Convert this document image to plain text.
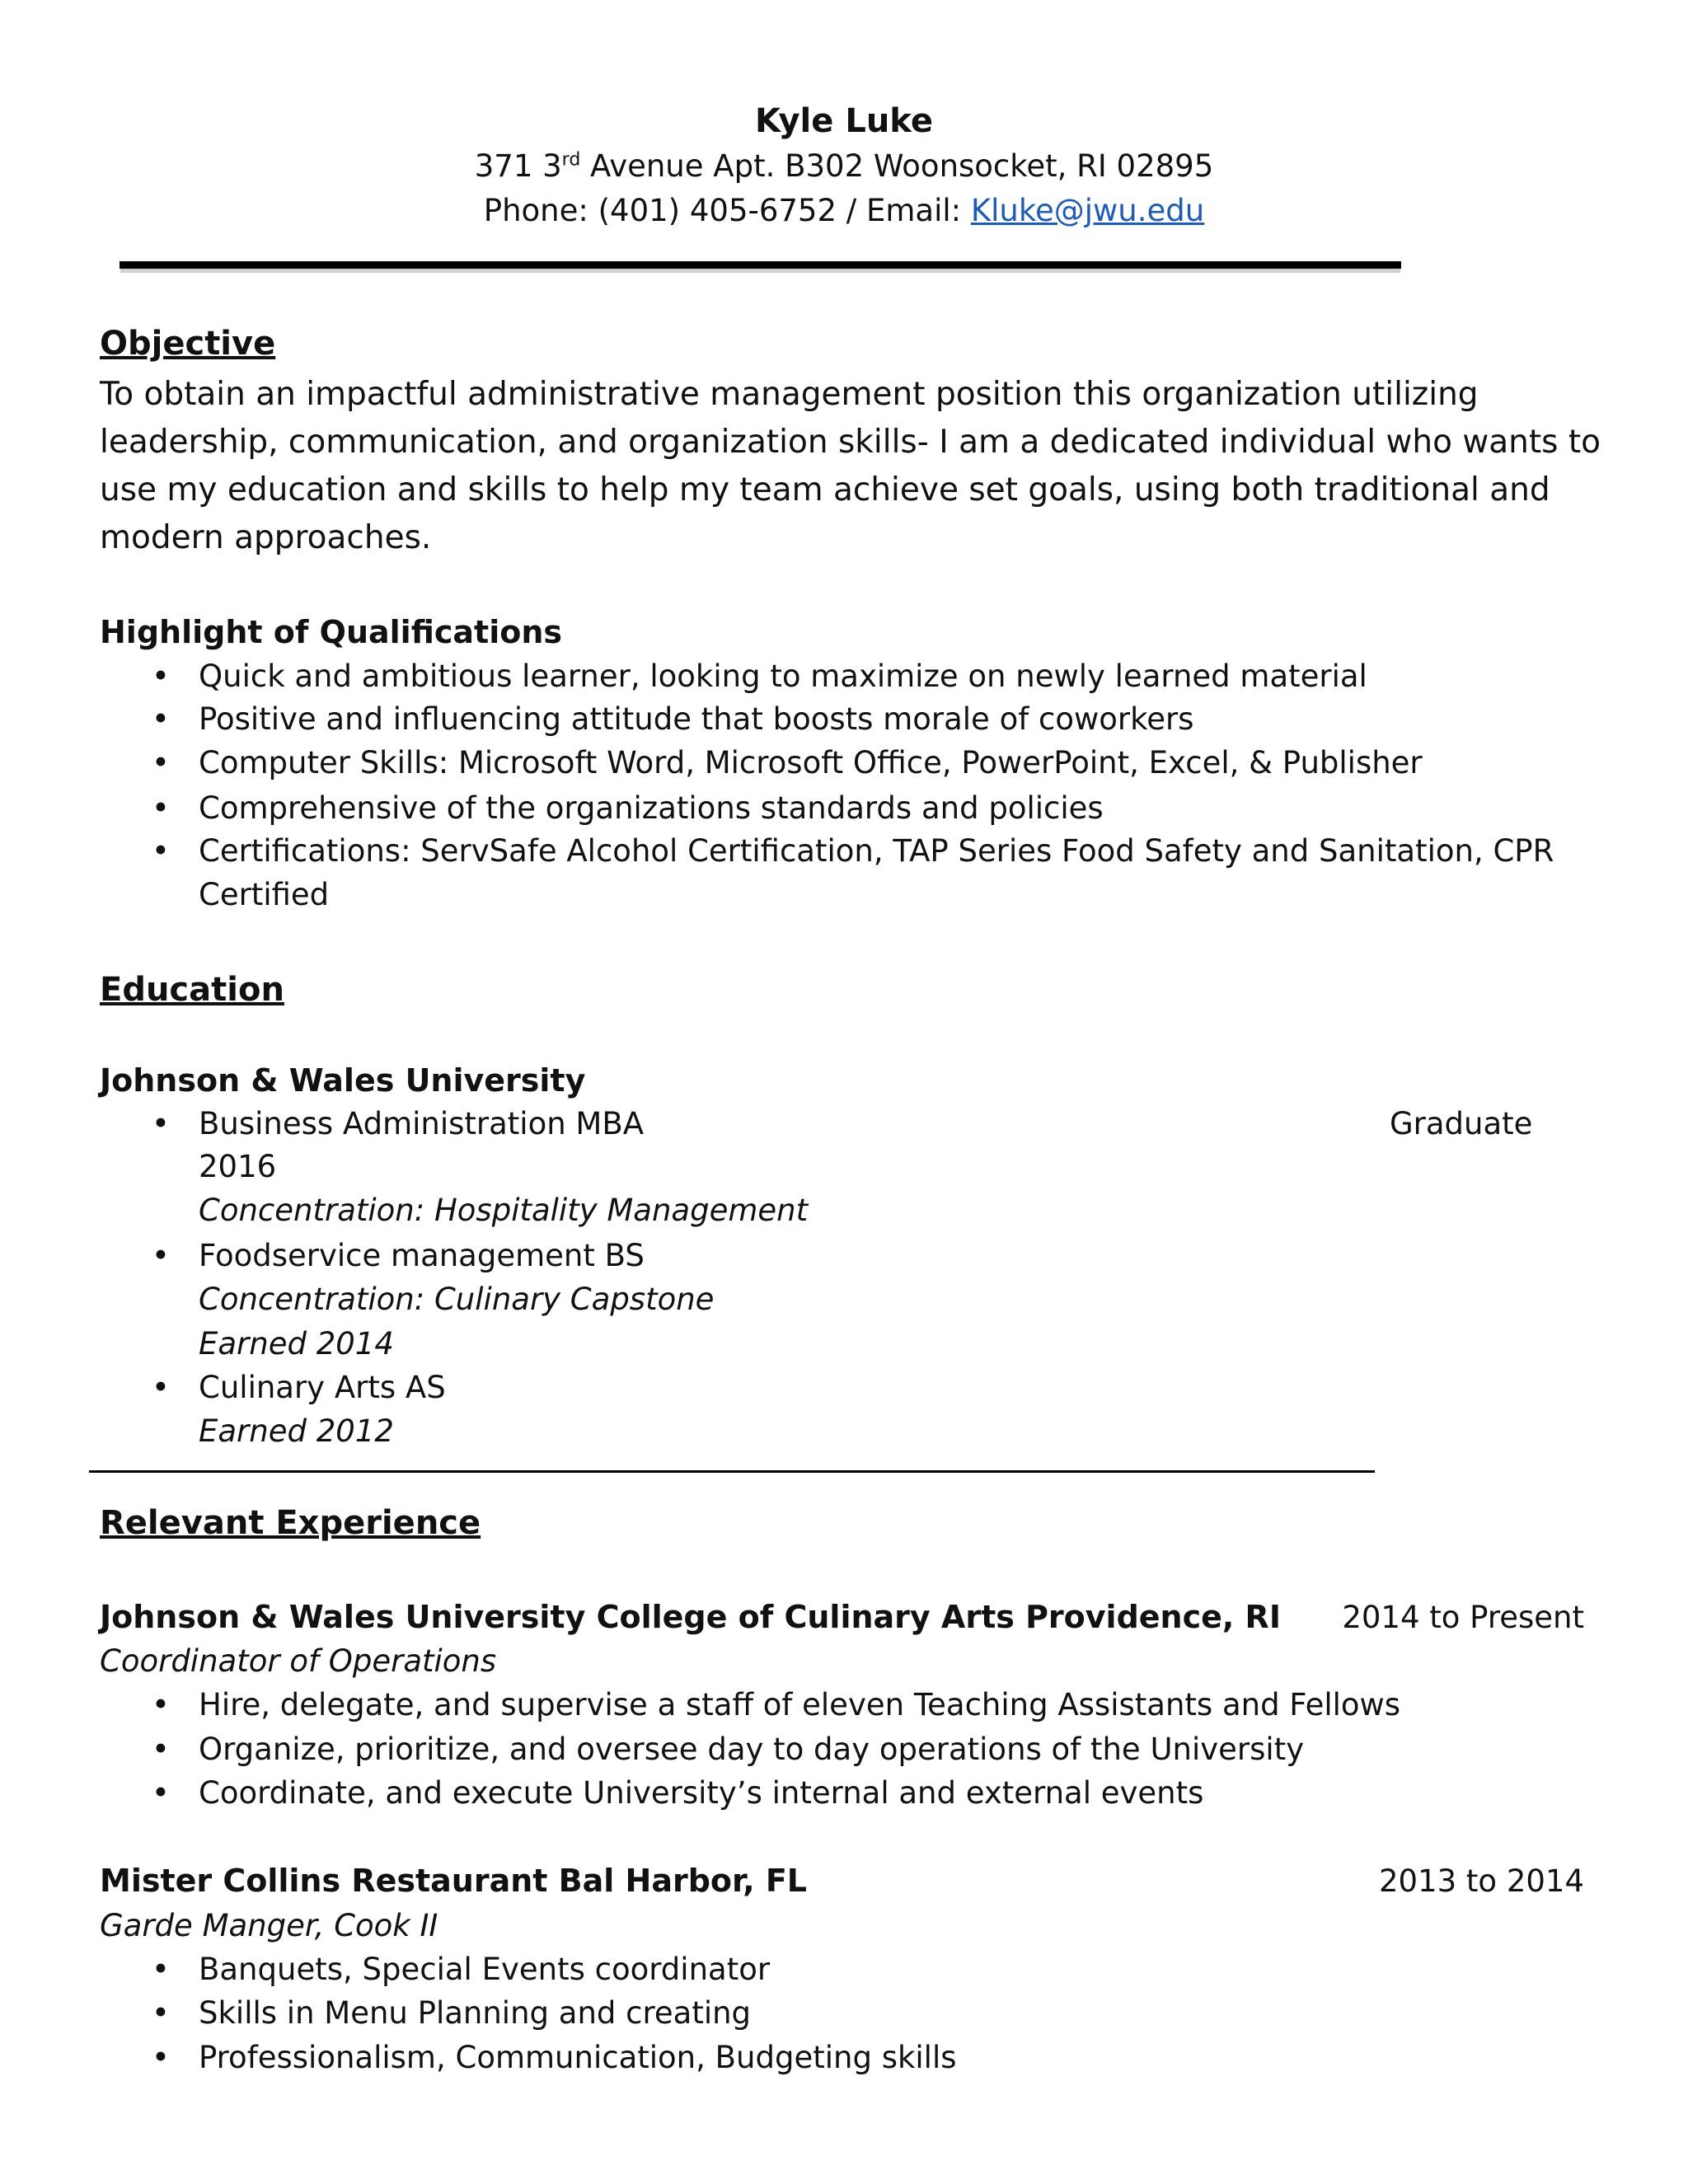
Kyle Luke
371 3rd Avenue Apt. B302 Woonsocket, RI 02895
Phone: (401) 405-6752 / Email: Kluke@jwu.edu
Objective
To obtain an impactful administrative management position this organization utilizing
leadership, communication, and organization skills- I am a dedicated individual who wants to
use my education and skills to help my team achieve set goals, using both traditional and
modern approaches.
Highlight of Qualifications
• Quick and ambitious learner, looking to maximize on newly learned material
• Positive and influencing attitude that boosts morale of coworkers
• Computer Skills: Microsoft Word, Microsoft Office, PowerPoint, Excel, & Publisher
• Comprehensive of the organizations standards and policies
• Certifications: ServSafe Alcohol Certification, TAP Series Food Safety and Sanitation, CPR
Certified
Education
Johnson & Wales University
• Business Administration MBA	Graduate
2016
Concentration: Hospitality Management
• Foodservice management BS
Concentration: Culinary Capstone
Earned 2014
• Culinary Arts AS
Earned 2012
Relevant Experience
Johnson & Wales University College of Culinary Arts Providence, RI	2014 to Present
Coordinator of Operations
• Hire, delegate, and supervise a staff of eleven Teaching Assistants and Fellows
• Organize, prioritize, and oversee day to day operations of the University
• Coordinate, and execute University’s internal and external events
Mister Collins Restaurant Bal Harbor, FL	2013 to 2014
Garde Manger, Cook II
• Banquets, Special Events coordinator
• Skills in Menu Planning and creating
• Professionalism, Communication, Budgeting skills
